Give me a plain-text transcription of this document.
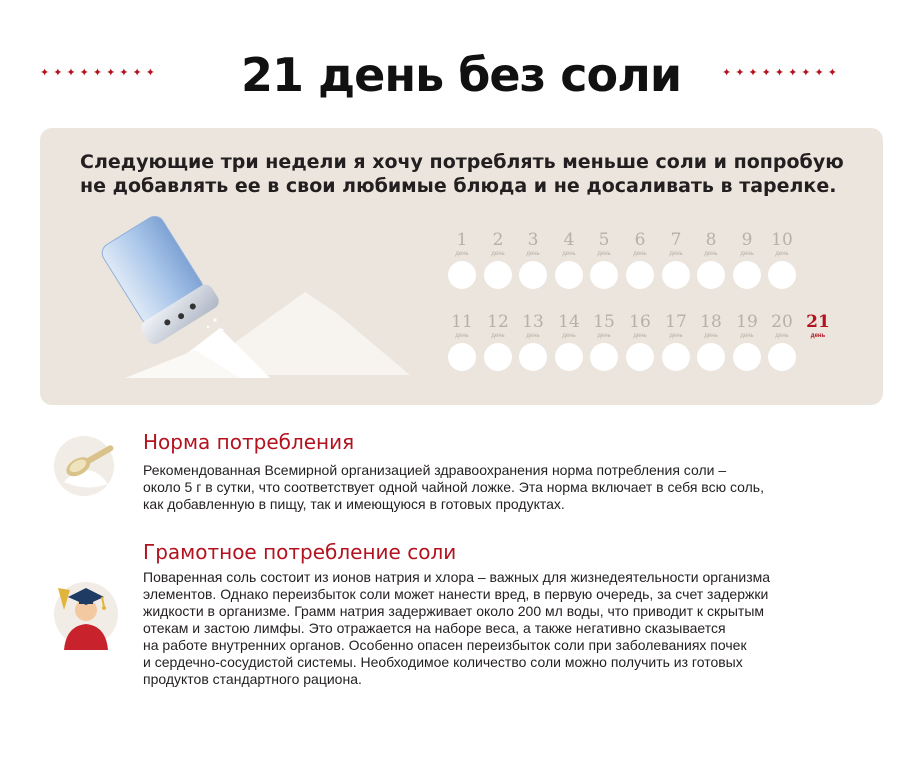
✦✦✦✦✦✦✦✦✦	21 день без соли	✦✦✦✦✦✦✦✦✦
Следующие три недели я хочу потреблять меньше соли и попробую
не добавлять ее в свои любимые блюда и не досаливать в тарелке.
1
день
2
день
3
день
4
день
5
день
6
день
7
день
8
день
9
день
10
день
11
день
12
день
13
день
14
день
15
день
16
день
17
день
18
день
19
день
20
день
21
день
Норма потребления
Рекомендованная Всемирной организацией здравоохранения норма потребления соли –
около 5 г в сутки, что соответствует одной чайной ложке. Эта норма включает в себя всю соль,
как добавленную в пищу, так и имеющуюся в готовых продуктах.
Грамотное потребление соли
Поваренная соль состоит из ионов натрия и хлора – важных для жизнедеятельности организма
элементов. Однако переизбыток соли может нанести вред, в первую очередь, за счет задержки
жидкости в организме. Грамм натрия задерживает около 200 мл воды, что приводит к скрытым
отекам и застою лимфы. Это отражается на наборе веса, а также негативно сказывается
на работе внутренних органов. Особенно опасен переизбыток соли при заболеваниях почек
и сердечно-сосудистой системы. Необходимое количество соли можно получить из готовых
продуктов стандартного рациона.
